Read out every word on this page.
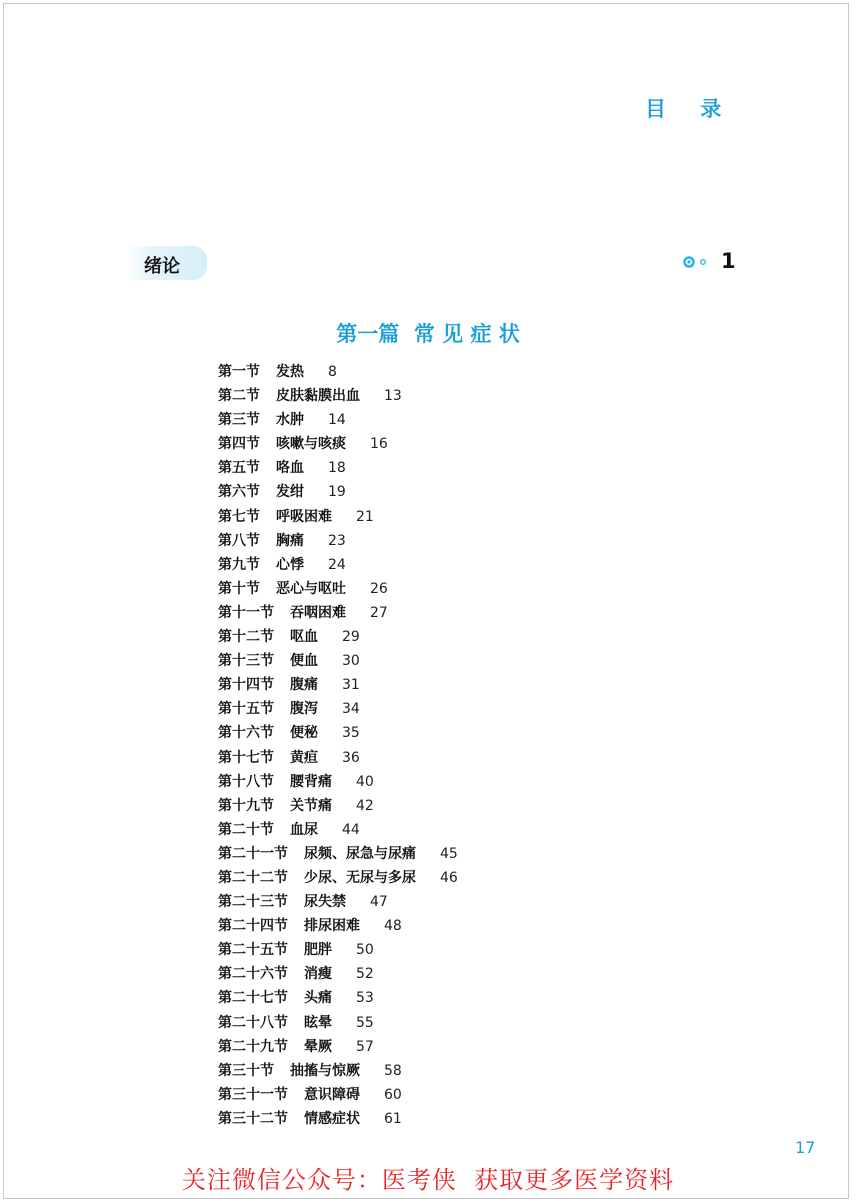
目    录
绪论	1
第一篇  常 见 症 状
第一节 发热 8
第二节 皮肤黏膜出血 13
第三节 水肿 14
第四节 咳嗽与咳痰 16
第五节 咯血 18
第六节 发绀 19
第七节 呼吸困难 21
第八节 胸痛 23
第九节 心悸 24
第十节 恶心与呕吐 26
第十一节 吞咽困难 27
第十二节 呕血 29
第十三节 便血 30
第十四节 腹痛 31
第十五节 腹泻 34
第十六节 便秘 35
第十七节 黄疸 36
第十八节 腰背痛 40
第十九节 关节痛 42
第二十节 血尿 44
第二十一节 尿频、尿急与尿痛 45
第二十二节 少尿、无尿与多尿 46
第二十三节 尿失禁 47
第二十四节 排尿困难 48
第二十五节 肥胖 50
第二十六节 消瘦 52
第二十七节 头痛 53
第二十八节 眩晕 55
第二十九节 晕厥 57
第三十节 抽搐与惊厥 58
第三十一节 意识障碍 60
第三十二节 情感症状 61
17
关注微信公众号：医考侠  获取更多医学资料
